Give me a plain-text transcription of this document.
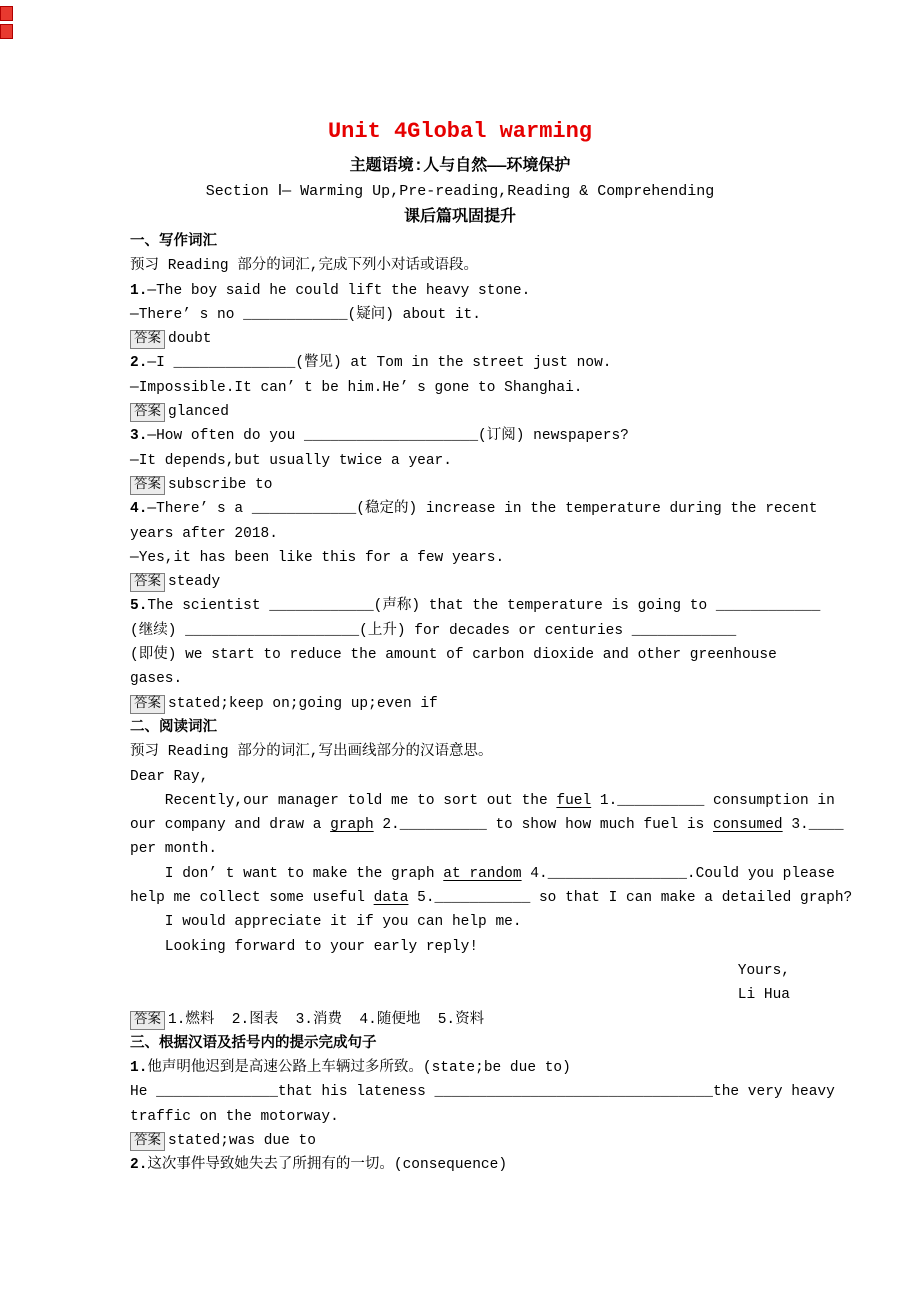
Unit 4Global warming
主题语境:人与自然——环境保护
Section Ⅰ— Warming Up,Pre-reading,Reading & Comprehending
课后篇巩固提升
一、写作词汇
预习 Reading 部分的词汇,完成下列小对话或语段。
1.—The boy said he could lift the heavy stone.
—There’ s no ____________(疑问) about it.
答案 doubt
2.—I ______________(瞥见) at Tom in the street just now.
—Impossible.It can’ t be him.He’ s gone to Shanghai.
答案 glanced
3.—How often do you ____________________(订阅) newspapers?
—It depends,but usually twice a year.
答案 subscribe to
4.—There’ s a ____________(稳定的) increase in the temperature during the recent
years after 2018.
—Yes,it has been like this for a few years.
答案 steady
5.The scientist ____________(声称) that the temperature is going to ____________
(继续) ____________________(上升) for decades or centuries ____________
(即使) we start to reduce the amount of carbon dioxide and other greenhouse
gases.
答案 stated;keep on;going up;even if
二、阅读词汇
预习 Reading 部分的词汇,写出画线部分的汉语意思。
Dear Ray,
Recently,our manager told me to sort out the fuel 1.__________ consumption in
our company and draw a graph 2.__________ to show how much fuel is consumed 3.____
per month.
I don’ t want to make the graph at random 4.________________.Could you please
help me collect some useful data 5.___________ so that I can make a detailed graph?
I would appreciate it if you can help me.
Looking forward to your early reply!
Yours,
Li Hua
答案 1.燃料  2.图表  3.消费  4.随便地  5.资料
三、根据汉语及括号内的提示完成句子
1.他声明他迟到是高速公路上车辆过多所致。(state;be due to)
He ______________that his lateness ________________________________the very heavy
traffic on the motorway.
答案 stated;was due to
2.这次事件导致她失去了所拥有的一切。(consequence)
